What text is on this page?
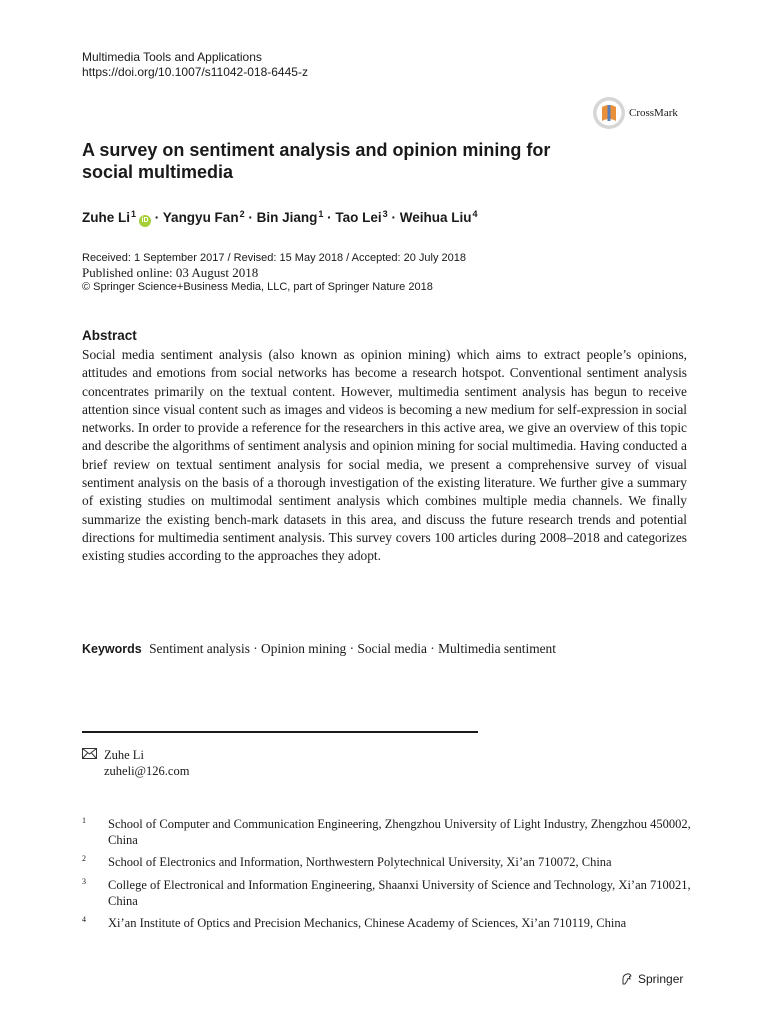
Multimedia Tools and Applications
https://doi.org/10.1007/s11042-018-6445-z
CrossMark
A survey on sentiment analysis and opinion mining for social multimedia
Zuhe $Li^1iD$ · Yangyu Fan$^2$ · Bin Jiang$^1$ · Tao Lei$^3$ · Weihua Liu$^4$
Received: 1 September 2017 / Revised: 15 May 2018 / Accepted: 20 July 2018
Published online: 03 August 2018
© Springer Science+Business Media, LLC, part of Springer Nature 2018
Abstract
Social media sentiment analysis (also known as opinion mining) which aims to extract people’s opinions, attitudes and emotions from social networks has become a research hotspot. Conventional sentiment analysis concentrates primarily on the textual content. However, multimedia sentiment analysis has begun to receive attention since visual content such as images and videos is becoming a new medium for self-expression in social networks. In order to provide a reference for the researchers in this active area, we give an overview of this topic and describe the algorithms of sentiment analysis and opinion mining for social multimedia. Having conducted a brief review on textual sentiment analysis for social media, we present a comprehensive survey of visual sentiment analysis on the basis of a thorough investigation of the existing literature. We further give a summary of existing studies on multimodal sentiment analysis which combines multiple media channels. We finally summarize the existing bench-mark datasets in this area, and discuss the future research trends and potential directions for multimedia sentiment analysis. This survey covers 100 articles during 2008–2018 and categorizes existing studies according to the approaches they adopt.
Keywords Sentiment analysis · Opinion mining · Social media · Multimedia sentiment
Zuhe Li
zuheli@126.com
1	School of Computer and Communication Engineering, Zhengzhou University of Light Industry, Zhengzhou 450002, China
2	School of Electronics and Information, Northwestern Polytechnical University, Xi’an 710072, China
3	College of Electronical and Information Engineering, Shaanxi University of Science and Technology, Xi’an 710021, China
4	Xi’an Institute of Optics and Precision Mechanics, Chinese Academy of Sciences, Xi’an 710119, China
Springer
